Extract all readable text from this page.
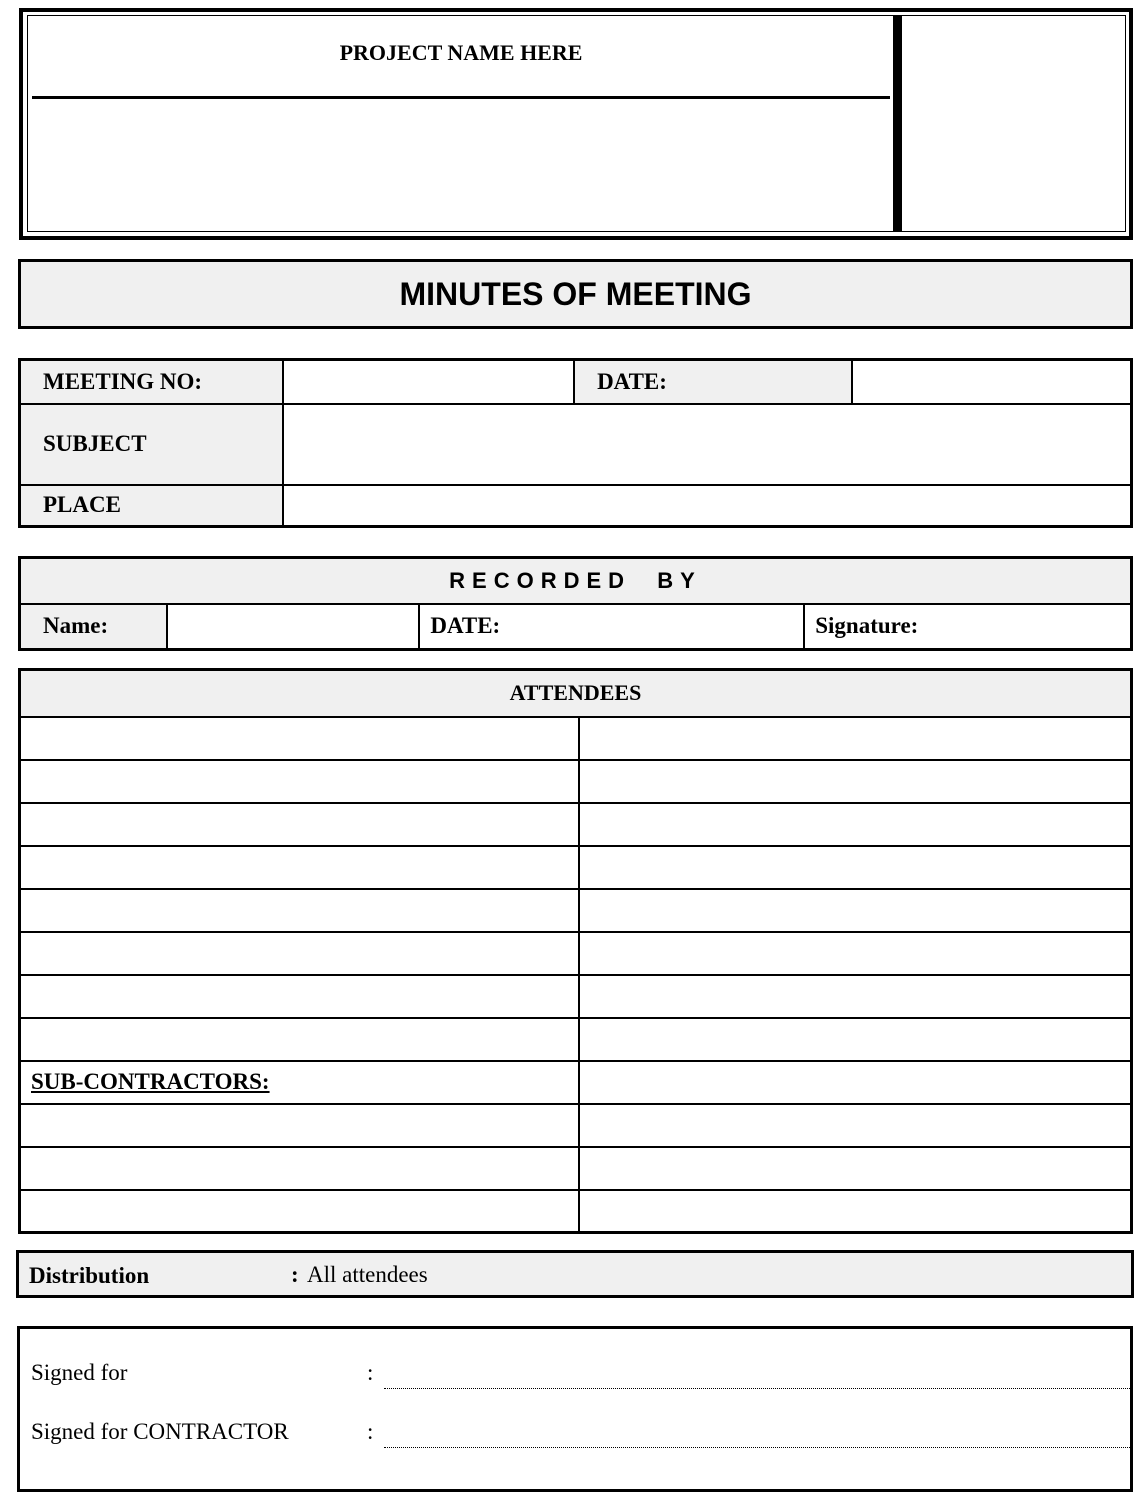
PROJECT NAME HERE
MINUTES OF MEETING
MEETING NO:		DATE:	
SUBJECT			
PLACE			
RECORDED  BY
Name:		DATE:	Signature:
ATTENDEES	

SUB-CONTRACTORS:	

Distribution	: All attendees
Signed for	:
Signed for CONTRACTOR	:
